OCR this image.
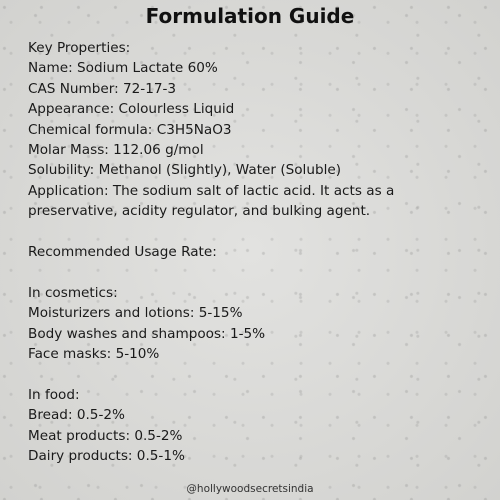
Formulation Guide
Key Properties:
Name: Sodium Lactate 60%
CAS Number: 72-17-3
Appearance: Colourless Liquid
Chemical formula: C3H5NaO3
Molar Mass: 112.06 g/mol
Solubility: Methanol (Slightly), Water (Soluble)
Application: The sodium salt of lactic acid. It acts as a preservative, acidity regulator, and bulking agent.
Recommended Usage Rate:
In cosmetics:
Moisturizers and lotions: 5-15%
Body washes and shampoos: 1-5%
Face masks: 5-10%
In food:
Bread: 0.5-2%
Meat products: 0.5-2%
Dairy products: 0.5-1%
@hollywoodsecretsindia
